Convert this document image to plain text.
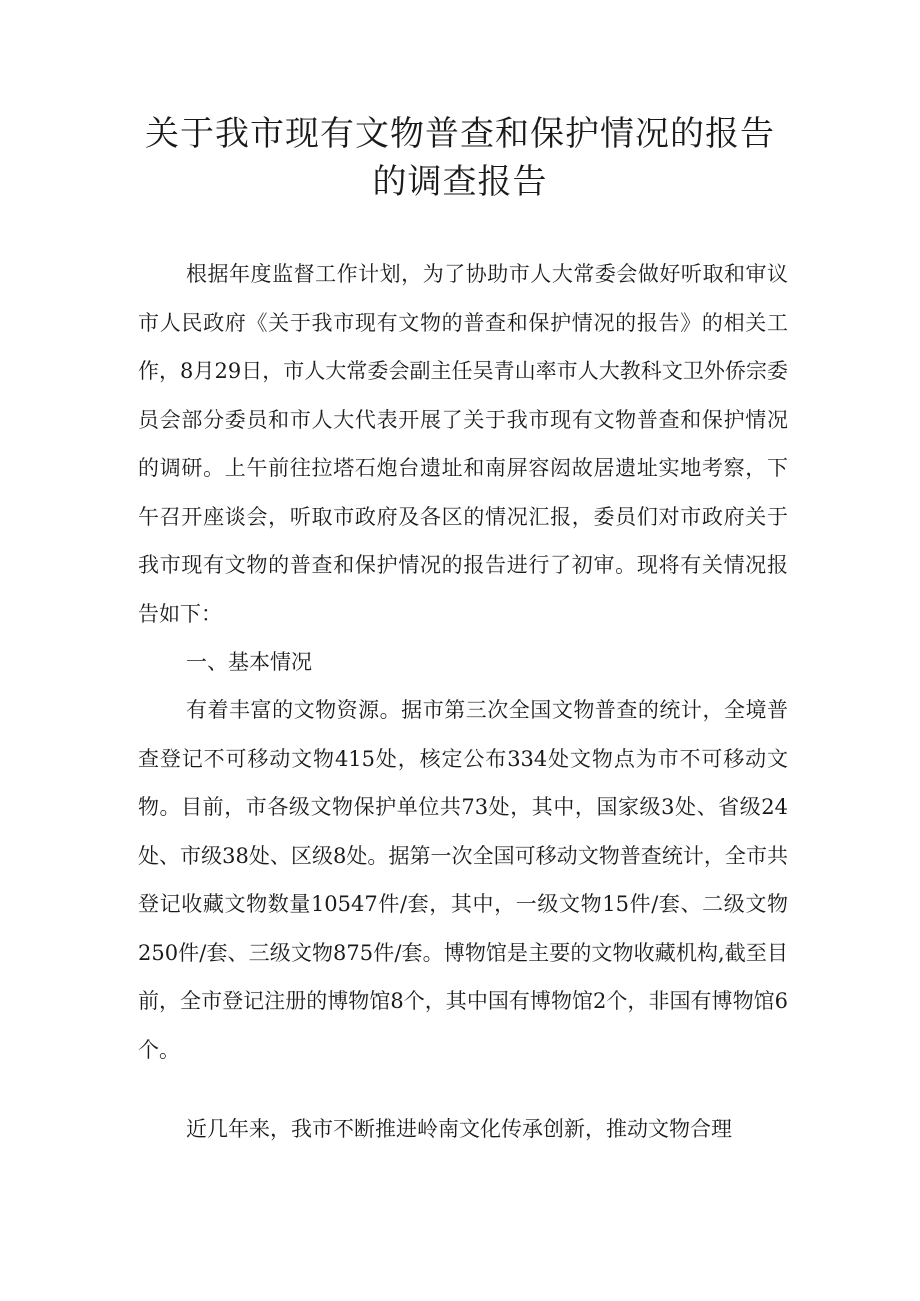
关于我市现有文物普查和保护情况的报告
的调查报告

根据年度监督工作计划，为了协助市人大常委会做好听取和审议市人民政府《关于我市现有文物的普查和保护情况的报告》的相关工作，8月29日，市人大常委会副主任吴青山率市人大教科文卫外侨宗委员会部分委员和市人大代表开展了关于我市现有文物普查和保护情况的调研。上午前往拉塔石炮台遗址和南屏容闳故居遗址实地考察，下午召开座谈会，听取市政府及各区的情况汇报，委员们对市政府关于我市现有文物的普查和保护情况的报告进行了初审。现将有关情况报告如下：

一、基本情况

有着丰富的文物资源。据市第三次全国文物普查的统计，全境普查登记不可移动文物415处，核定公布334处文物点为市不可移动文物。目前，市各级文物保护单位共73处，其中，国家级3处、省级24处、市级38处、区级8处。据第一次全国可移动文物普查统计，全市共登记收藏文物数量10547件/套，其中，一级文物15件/套、二级文物250件/套、三级文物875件/套。博物馆是主要的文物收藏机构,截至目前，全市登记注册的博物馆8个，其中国有博物馆2个，非国有博物馆6个。

近几年来，我市不断推进岭南文化传承创新，推动文物合理
